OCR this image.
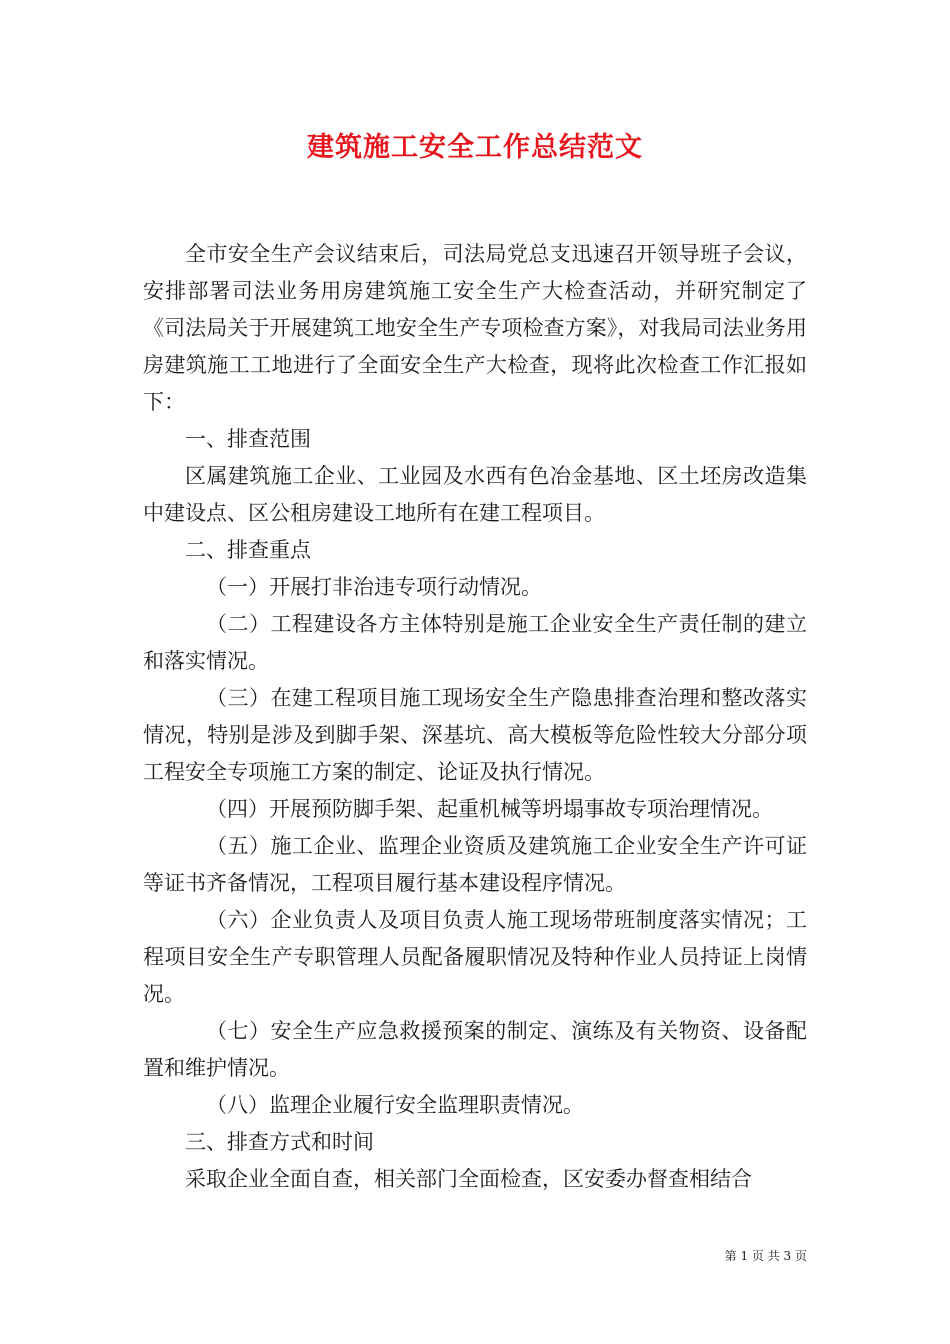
建筑施工安全工作总结范文

全市安全生产会议结束后，司法局党总支迅速召开领导班子会议，安排部署司法业务用房建筑施工安全生产大检查活动，并研究制定了《司法局关于开展建筑工地安全生产专项检查方案》，对我局司法业务用房建筑施工工地进行了全面安全生产大检查，现将此次检查工作汇报如下：

一、排查范围

区属建筑施工企业、工业园及水西有色冶金基地、区土坯房改造集中建设点、区公租房建设工地所有在建工程项目。

二、排查重点

（一）开展打非治违专项行动情况。

（二）工程建设各方主体特别是施工企业安全生产责任制的建立和落实情况。

（三）在建工程项目施工现场安全生产隐患排查治理和整改落实情况，特别是涉及到脚手架、深基坑、高大模板等危险性较大分部分项工程安全专项施工方案的制定、论证及执行情况。

（四）开展预防脚手架、起重机械等坍塌事故专项治理情况。

（五）施工企业、监理企业资质及建筑施工企业安全生产许可证等证书齐备情况，工程项目履行基本建设程序情况。

（六）企业负责人及项目负责人施工现场带班制度落实情况；工程项目安全生产专职管理人员配备履职情况及特种作业人员持证上岗情况。

（七）安全生产应急救援预案的制定、演练及有关物资、设备配置和维护情况。

（八）监理企业履行安全监理职责情况。

三、排查方式和时间

采取企业全面自查，相关部门全面检查，区安委办督查相结合

第 1 页 共 3 页
